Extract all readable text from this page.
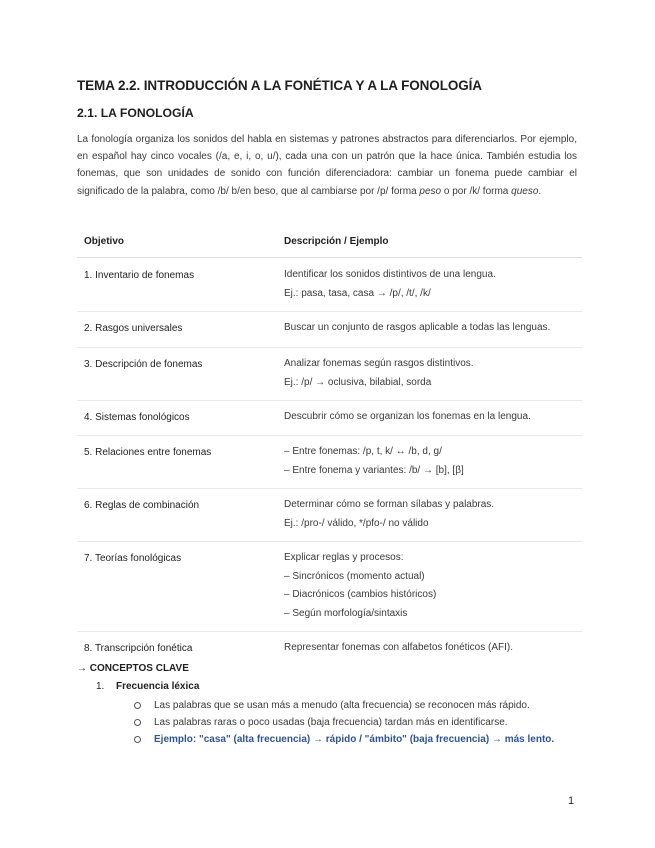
TEMA 2.2. INTRODUCCIÓN A LA FONÉTICA Y A LA FONOLOGÍA
2.1. LA FONOLOGÍA

La fonología organiza los sonidos del habla en sistemas y patrones abstractos para diferenciarlos. Por ejemplo, en español hay cinco vocales (/a, e, i, o, u/), cada una con un patrón que la hace única. También estudia los fonemas, que son unidades de sonido con función diferenciadora: cambiar un fonema puede cambiar el significado de la palabra, como /b/ b/en beso, que al cambiarse por /p/ forma peso o por /k/ forma queso.

Objetivo	Descripción / Ejemplo
1. Inventario de fonemas	Identificar los sonidos distintivos de una lengua.
Ej.: pasa, tasa, casa → /p/, /t/, /k/
2. Rasgos universales	Buscar un conjunto de rasgos aplicable a todas las lenguas.
3. Descripción de fonemas	Analizar fonemas según rasgos distintivos.
Ej.: /p/ → oclusiva, bilabial, sorda
4. Sistemas fonológicos	Descubrir cómo se organizan los fonemas en la lengua.
5. Relaciones entre fonemas	– Entre fonemas: /p, t, k/ ↔ /b, d, g/
– Entre fonema y variantes: /b/ → [b], [β]
6. Reglas de combinación	Determinar cómo se forman sílabas y palabras.
Ej.: /pro-/ válido, */pfo-/ no válido
7. Teorías fonológicas	Explicar reglas y procesos:
– Sincrónicos (momento actual)
– Diacrónicos (cambios históricos)
– Según morfología/sintaxis
8. Transcripción fonética	Representar fonemas con alfabetos fonéticos (AFI).
→ CONCEPTOS CLAVE
1. Frecuencia léxica
Las palabras que se usan más a menudo (alta frecuencia) se reconocen más rápido.
Las palabras raras o poco usadas (baja frecuencia) tardan más en identificarse.
Ejemplo: "casa" (alta frecuencia) → rápido / "ámbito" (baja frecuencia) → más lento.
1
